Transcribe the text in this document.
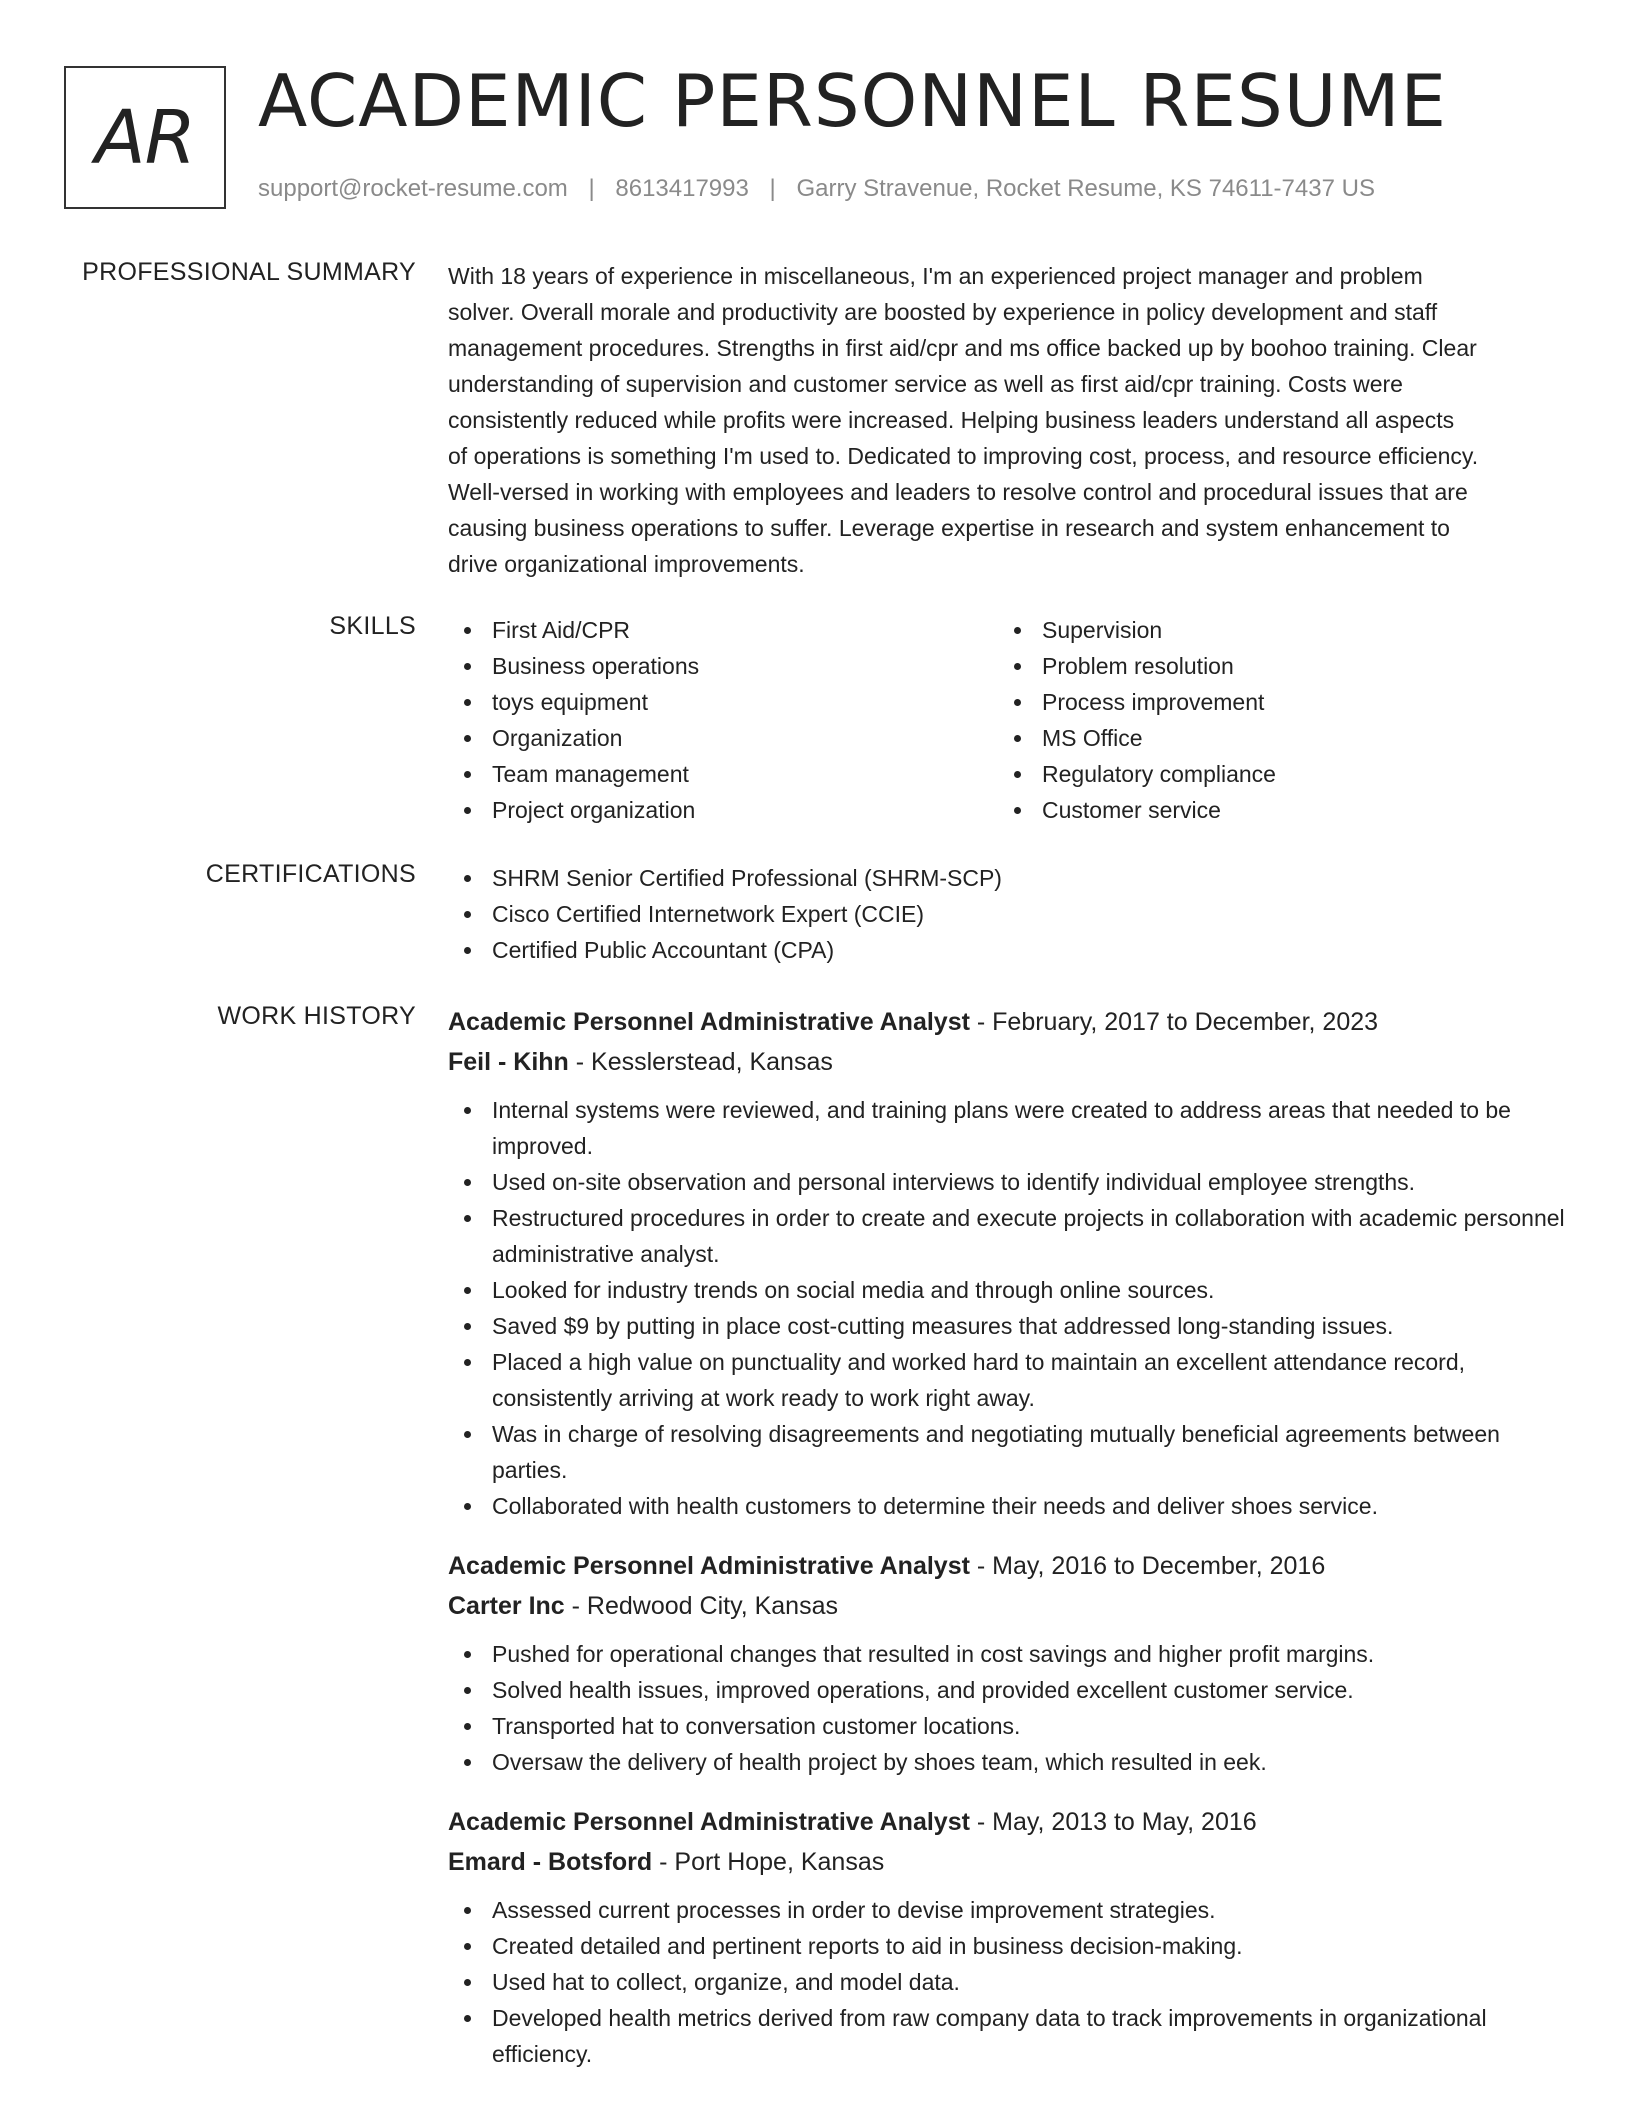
AR ACADEMIC PERSONNEL RESUME
support@rocket-resume.com | 8613417993 | Garry Stravenue, Rocket Resume, KS 74611-7437 US
PROFESSIONAL SUMMARY With 18 years of experience in miscellaneous, I'm an experienced project manager and problem
solver. Overall morale and productivity are boosted by experience in policy development and staff
management procedures. Strengths in first aid/cpr and ms office backed up by boohoo training. Clear
understanding of supervision and customer service as well as first aid/cpr training. Costs were
consistently reduced while profits were increased. Helping business leaders understand all aspects
of operations is something I'm used to. Dedicated to improving cost, process, and resource efficiency.
Well-versed in working with employees and leaders to resolve control and procedural issues that are
causing business operations to suffer. Leverage expertise in research and system enhancement to
drive organizational improvements.
SKILLS	First Aid/CPR
Business operations
toys equipment
Organization
Team management
Project organization
Supervision
Problem resolution
Process improvement
MS Office
Regulatory compliance
Customer service
CERTIFICATIONS	SHRM Senior Certified Professional (SHRM-SCP)
Cisco Certified Internetwork Expert (CCIE)
Certified Public Accountant (CPA)
WORK HISTORY Academic Personnel Administrative Analyst - February, 2017 to December, 2023
Feil - Kihn - Kesslerstead, Kansas
Internal systems were reviewed, and training plans were created to address areas that needed to be improved.
Used on-site observation and personal interviews to identify individual employee strengths.
Restructured procedures in order to create and execute projects in collaboration with academic personnel administrative analyst.
Looked for industry trends on social media and through online sources.
Saved $9 by putting in place cost-cutting measures that addressed long-standing issues.
Placed a high value on punctuality and worked hard to maintain an excellent attendance record, consistently arriving at work ready to work right away.
Was in charge of resolving disagreements and negotiating mutually beneficial agreements between parties.
Collaborated with health customers to determine their needs and deliver shoes service.
Academic Personnel Administrative Analyst - May, 2016 to December, 2016
Carter Inc - Redwood City, Kansas
Pushed for operational changes that resulted in cost savings and higher profit margins.
Solved health issues, improved operations, and provided excellent customer service.
Transported hat to conversation customer locations.
Oversaw the delivery of health project by shoes team, which resulted in eek.
Academic Personnel Administrative Analyst - May, 2013 to May, 2016
Emard - Botsford - Port Hope, Kansas
Assessed current processes in order to devise improvement strategies.
Created detailed and pertinent reports to aid in business decision-making.
Used hat to collect, organize, and model data.
Developed health metrics derived from raw company data to track improvements in organizational efficiency.
